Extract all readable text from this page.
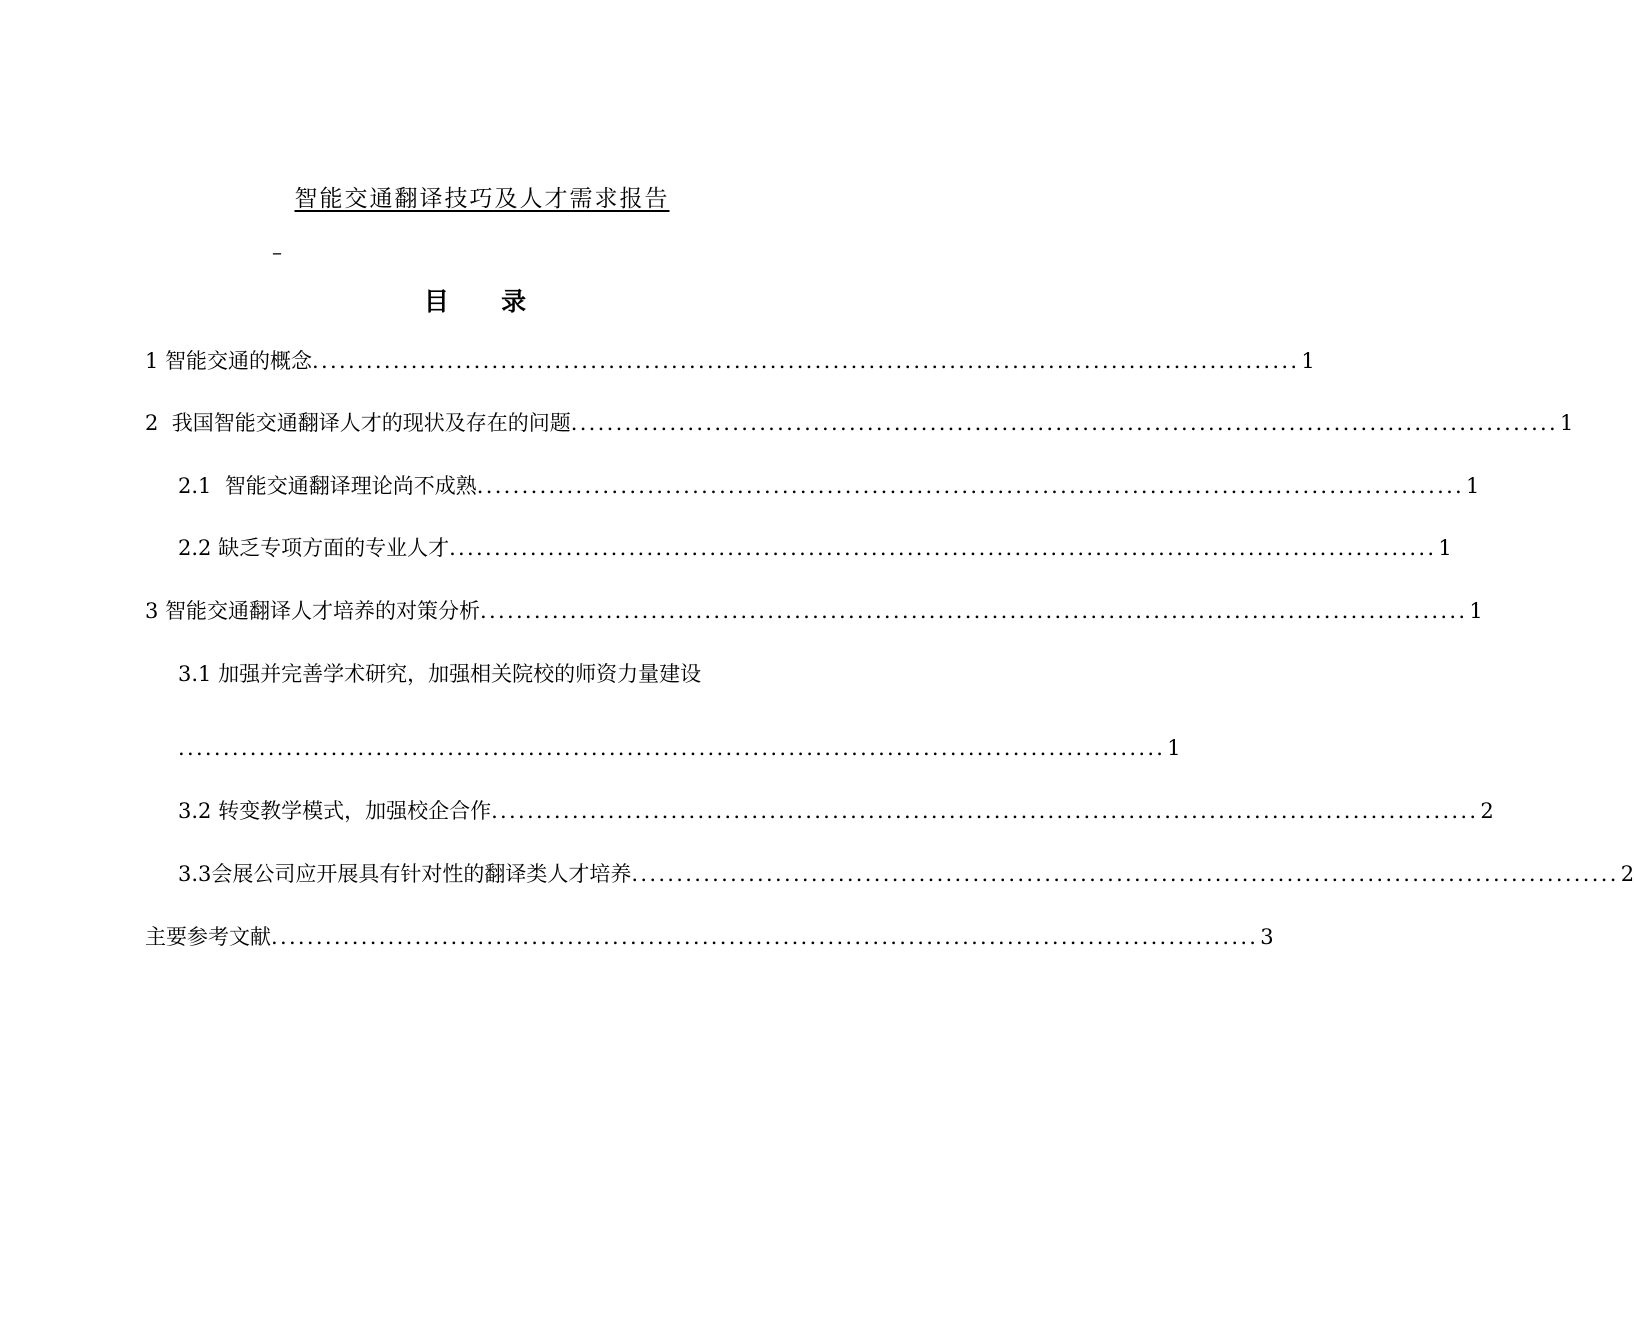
智能交通翻译技巧及人才需求报告
–
目      录
1 智能交通的概念 .............................................................................................................. 1
2  我国智能交通翻译人才的现状及存在的问题 .............................................................................................................. 1
2.1  智能交通翻译理论尚不成熟 .............................................................................................................. 1
2.2 缺乏专项方面的专业人才 .............................................................................................................. 1
3 智能交通翻译人才培养的对策分析 .............................................................................................................. 1
3.1 加强并完善学术研究，加强相关院校的师资力量建设
.............................................................................................................. 1
3.2 转变教学模式，加强校企合作 .............................................................................................................. 2
3.3会展公司应开展具有针对性的翻译类人才培养 .............................................................................................................. 2
主要参考文献 .............................................................................................................. 3
